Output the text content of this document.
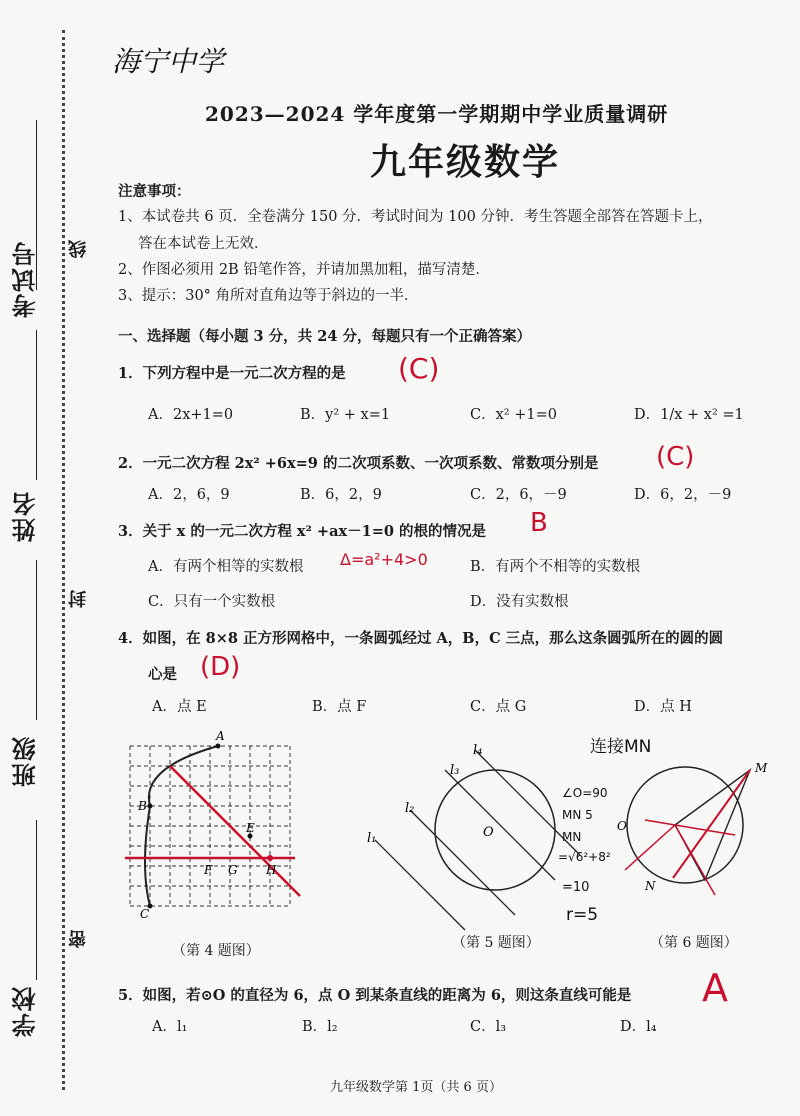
考试号
姓名
班级
学校
线
封
密
海宁中学
2023—2024 学年度第一学期期中学业质量调研
九年级数学
注意事项：
1、本试卷共 6 页．全卷满分 150 分．考试时间为 100 分钟．考生答题全部答在答题卡上，
答在本试卷上无效．
2、作图必须用 2B 铅笔作答，并请加黑加粗，描写清楚．
3、提示：30° 角所对直角边等于斜边的一半．
一、选择题（每小题 3 分，共 24 分，每题只有一个正确答案）
1．下列方程中是一元二次方程的是 (C)
A．2x+1=0	B．y² + x=1	C．x² +1=0	D．1/x + x² =1
2．一元二次方程 2x² +6x=9 的二次项系数、一次项系数、常数项分别是 (C)
A．2，6，9	B．6，2，9	C．2，6，－9	D．6，2，－9
3．关于 x 的一元二次方程 x² +ax－1=0 的根的情况是 B
A．有两个相等的实数根 Δ=a²+4>0	B．有两个不相等的实数根
C．只有一个实数根	D．没有实数根
4．如图，在 8×8 正方形网格中，一条圆弧经过 A，B，C 三点，那么这条圆弧所在的圆的圆
心是 (D)
A．点 E	B．点 F	C．点 G	D．点 H
A
B
C
E
F G H
（第 4 题图）
l₁
l₂
l₃
l₄
O
（第 5 题图）
连接MN
∠O=90
MN 5
MN
=√6²+8²
=10
r=5
M
N
O
（第 6 题图）
5．如图，若⊙O 的直径为 6，点 O 到某条直线的距离为 6，则这条直线可能是 A
A．l₁	B．l₂	C．l₃	D．l₄
九年级数学第 1页（共 6 页）
